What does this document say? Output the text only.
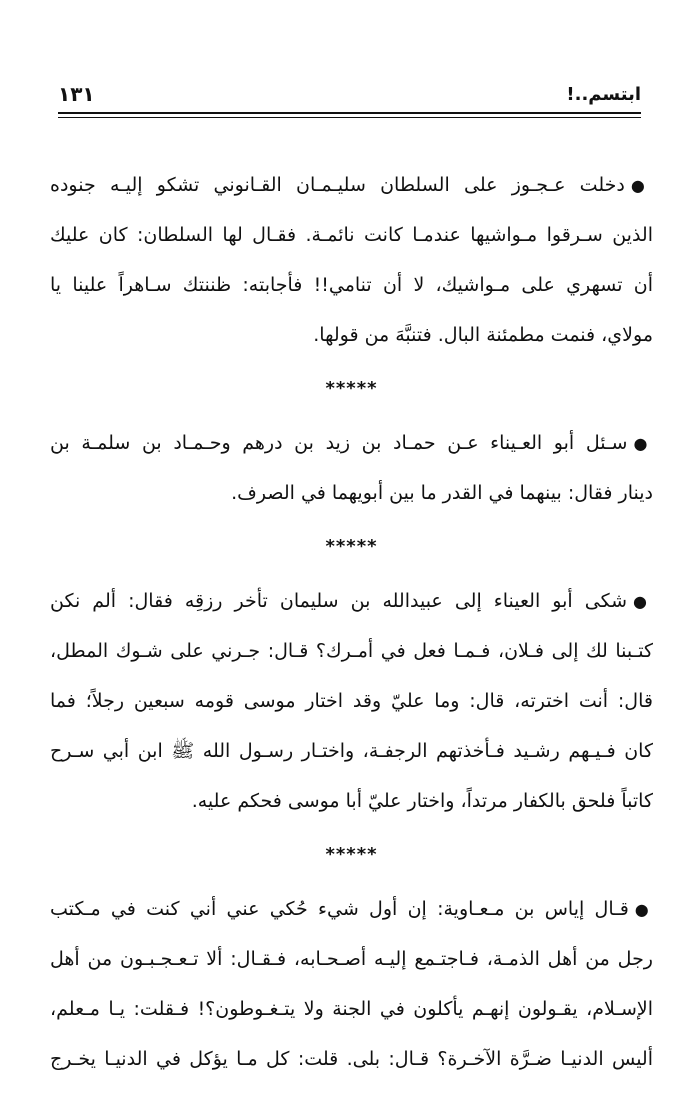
ابتسم..!
١٣١
●دخلت عـجـوز على السلطان سليـمـان القـانوني تشكو إليـه جنوده
الذين سـرقوا مـواشيها عندمـا كانت نائمـة. فقـال لها السلطان: كان عليك
أن تسهري على مـواشيك، لا أن تنامي!! فأجابته: ظننتك سـاهراً علينا يا
مولاي، فنمت مطمئنة البال. فتنبَّهَ من قولها.
*****
●سـئل أبو العـيناء عـن حمـاد بن زيد بن درهم وحـمـاد بن سلمـة بن
دينار فقال: بينهما في القدر ما بين أبويهما في الصرف.
*****
●شكى أبو العيناء إلى عبيدالله بن سليمان تأخر رزقِه فقال: ألم نكن
كتـبنا لك إلى فـلان، فـمـا فعل في أمـرك؟ قـال: جـرني على شـوك المطل،
قال: أنت اخترته، قال: وما عليّ وقد اختار موسى قومه سبعين رجلاً؛ فما
كان فـيـهم رشـيد فـأخذتهم الرجفـة، واختـار رسـول الله ﷺ ابن أبي سـرح
كاتباً فلحق بالكفار مرتداً، واختار عليّ أبا موسى فحكم عليه.
*****
●قـال إياس بن مـعـاوية: إن أول شيء حُكي عني أني كنت في مـكتب
رجل من أهل الذمـة، فـاجتـمع إليـه أصـحـابه، فـقـال: ألا تـعـجـبـون من أهل
الإسـلام، يقـولون إنهـم يأكلون في الجنة ولا يتـغـوطون؟! فـقلت: يـا مـعلم،
أليس الدنيـا ضـرَّة الآخـرة؟ قـال: بلى. قلت: كل مـا يؤكل في الدنيـا يخـرج
